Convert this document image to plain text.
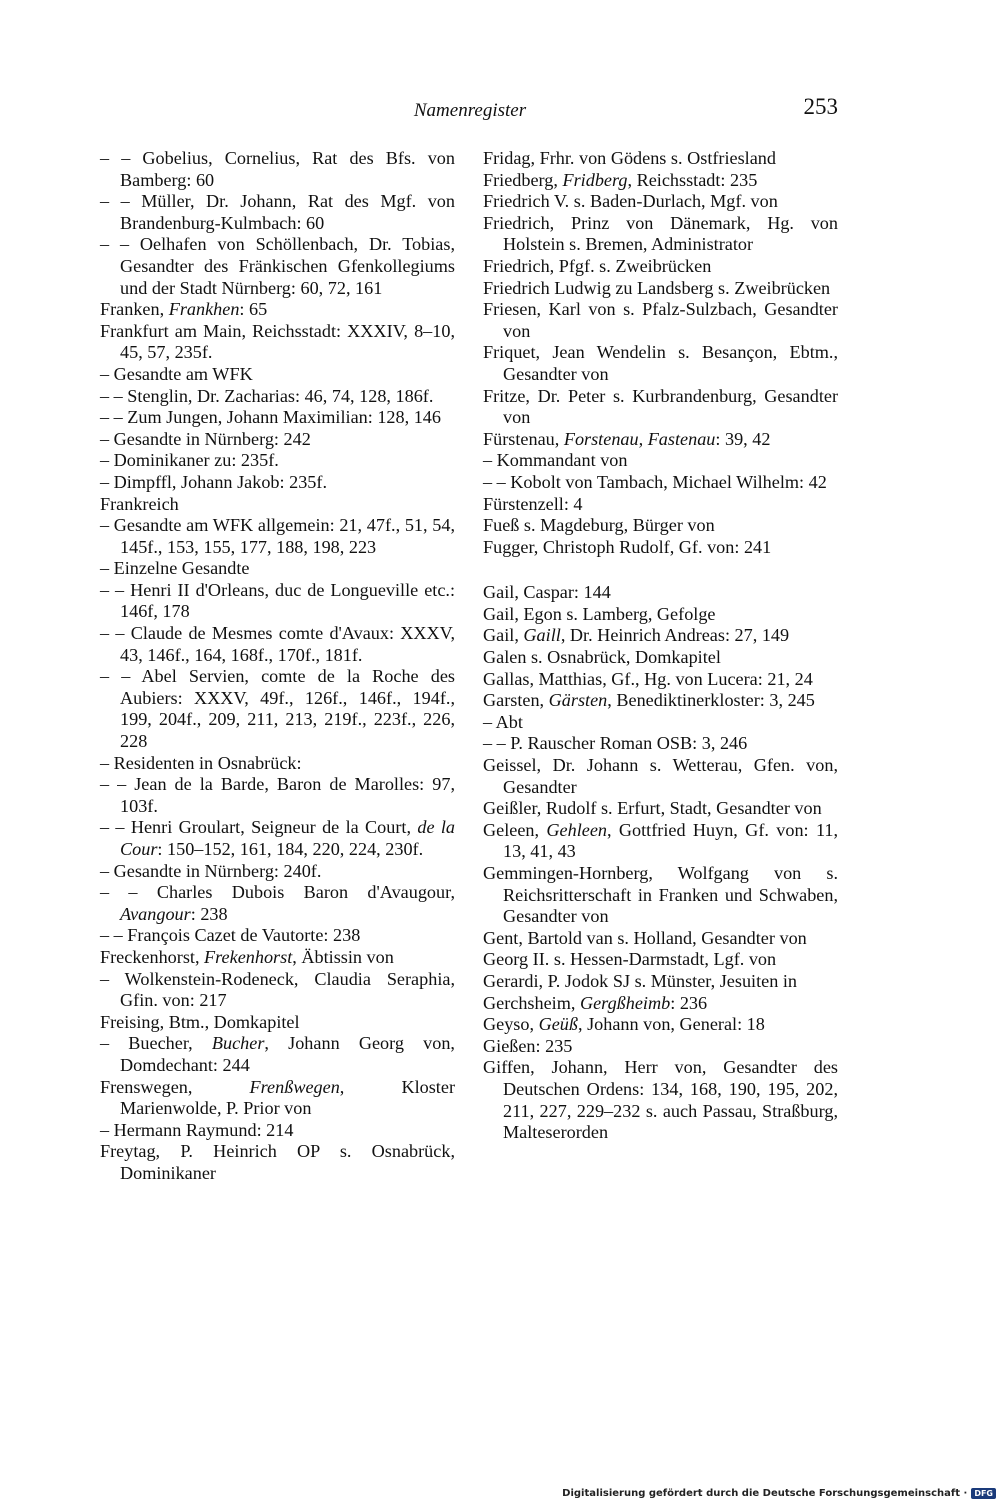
Namenregister	253
– – Gobelius, Cornelius, Rat des Bfs. von Bamberg: 60
– – Müller, Dr. Johann, Rat des Mgf. von Brandenburg-Kulmbach: 60
– – Oelhafen von Schöllenbach, Dr. Tobias, Gesandter des Fränkischen Gfenkollegiums und der Stadt Nürnberg: 60, 72, 161
Franken, Frankhen: 65
Frankfurt am Main, Reichsstadt: XXXIV, 8–10, 45, 57, 235f.
– Gesandte am WFK
– – Stenglin, Dr. Zacharias: 46, 74, 128, 186f.
– – Zum Jungen, Johann Maximilian: 128, 146
– Gesandte in Nürnberg: 242
– Dominikaner zu: 235f.
– Dimpffl, Johann Jakob: 235f.
Frankreich
– Gesandte am WFK allgemein: 21, 47f., 51, 54, 145f., 153, 155, 177, 188, 198, 223
– Einzelne Gesandte
– – Henri II d'Orleans, duc de Longueville etc.: 146f, 178
– – Claude de Mesmes comte d'Avaux: XXXV, 43, 146f., 164, 168f., 170f., 181f.
– – Abel Servien, comte de la Roche des Aubiers: XXXV, 49f., 126f., 146f., 194f., 199, 204f., 209, 211, 213, 219f., 223f., 226, 228
– Residenten in Osnabrück:
– – Jean de la Barde, Baron de Marolles: 97, 103f.
– – Henri Groulart, Seigneur de la Court, de la Cour: 150–152, 161, 184, 220, 224, 230f.
– Gesandte in Nürnberg: 240f.
– – Charles Dubois Baron d'Avaugour, Avangour: 238
– – François Cazet de Vautorte: 238
Freckenhorst, Frekenhorst, Äbtissin von
– Wolkenstein-Rodeneck, Claudia Seraphia, Gfin. von: 217
Freising, Btm., Domkapitel
– Buecher, Bucher, Johann Georg von, Domdechant: 244
Frenswegen, Frenßwegen, Kloster Marienwolde, P. Prior von
– Hermann Raymund: 214
Freytag, P. Heinrich OP s. Osnabrück, Dominikaner
Fridag, Frhr. von Gödens s. Ostfriesland
Friedberg, Fridberg, Reichsstadt: 235
Friedrich V. s. Baden-Durlach, Mgf. von
Friedrich, Prinz von Dänemark, Hg. von Holstein s. Bremen, Administrator
Friedrich, Pfgf. s. Zweibrücken
Friedrich Ludwig zu Landsberg s. Zweibrücken
Friesen, Karl von s. Pfalz-Sulzbach, Gesandter von
Friquet, Jean Wendelin s. Besançon, Ebtm., Gesandter von
Fritze, Dr. Peter s. Kurbrandenburg, Gesandter von
Fürstenau, Forstenau, Fastenau: 39, 42
– Kommandant von
– – Kobolt von Tambach, Michael Wilhelm: 42
Fürstenzell: 4
Fueß s. Magdeburg, Bürger von
Fugger, Christoph Rudolf, Gf. von: 241
Gail, Caspar: 144
Gail, Egon s. Lamberg, Gefolge
Gail, Gaill, Dr. Heinrich Andreas: 27, 149
Galen s. Osnabrück, Domkapitel
Gallas, Matthias, Gf., Hg. von Lucera: 21, 24
Garsten, Gärsten, Benediktinerkloster: 3, 245
– Abt
– – P. Rauscher Roman OSB: 3, 246
Geissel, Dr. Johann s. Wetterau, Gfen. von, Gesandter
Geißler, Rudolf s. Erfurt, Stadt, Gesandter von
Geleen, Gehleen, Gottfried Huyn, Gf. von: 11, 13, 41, 43
Gemmingen-Hornberg, Wolfgang von s. Reichsritterschaft in Franken und Schwaben, Gesandter von
Gent, Bartold van s. Holland, Gesandter von
Georg II. s. Hessen-Darmstadt, Lgf. von
Gerardi, P. Jodok SJ s. Münster, Jesuiten in
Gerchsheim, Gergßheimb: 236
Geyso, Geüß, Johann von, General: 18
Gießen: 235
Giffen, Johann, Herr von, Gesandter des Deutschen Ordens: 134, 168, 190, 195, 202, 211, 227, 229–232 s. auch Passau, Straßburg, Malteserorden
Digitalisierung gefördert durch die Deutsche Forschungsgemeinschaft · DFG
